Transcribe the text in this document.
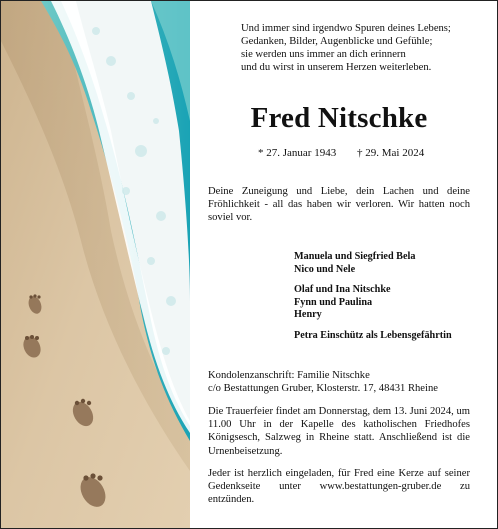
Und immer sind irgendwo Spuren deines Lebens;
Gedanken, Bilder, Augenblicke und Gefühle;
sie werden uns immer an dich erinnern
und du wirst in unserem Herzen weiterleben.
Fred Nitschke
* 27. Januar 1943 † 29. Mai 2024
Deine Zuneigung und Liebe, dein Lachen und deine Fröhlichkeit - all das haben wir verloren. Wir hatten noch soviel vor.
Manuela und Siegfried Bela
Nico und Nele
Olaf und Ina Nitschke
Fynn und Paulina
Henry
Petra Einschütz als Lebensgefährtin
Kondolenzanschrift: Familie Nitschke
c/o Bestattungen Gruber, Klosterstr. 17, 48431 Rheine
Die Trauerfeier findet am Donnerstag, dem 13. Juni 2024, um 11.00 Uhr in der Kapelle des katholischen Friedhofes Königsesch, Salzweg in Rheine statt. Anschließend ist die Urnenbeisetzung.
Jeder ist herzlich eingeladen, für Fred eine Kerze auf seiner Gedenkseite unter www.bestattungen-gruber.de zu entzünden.
